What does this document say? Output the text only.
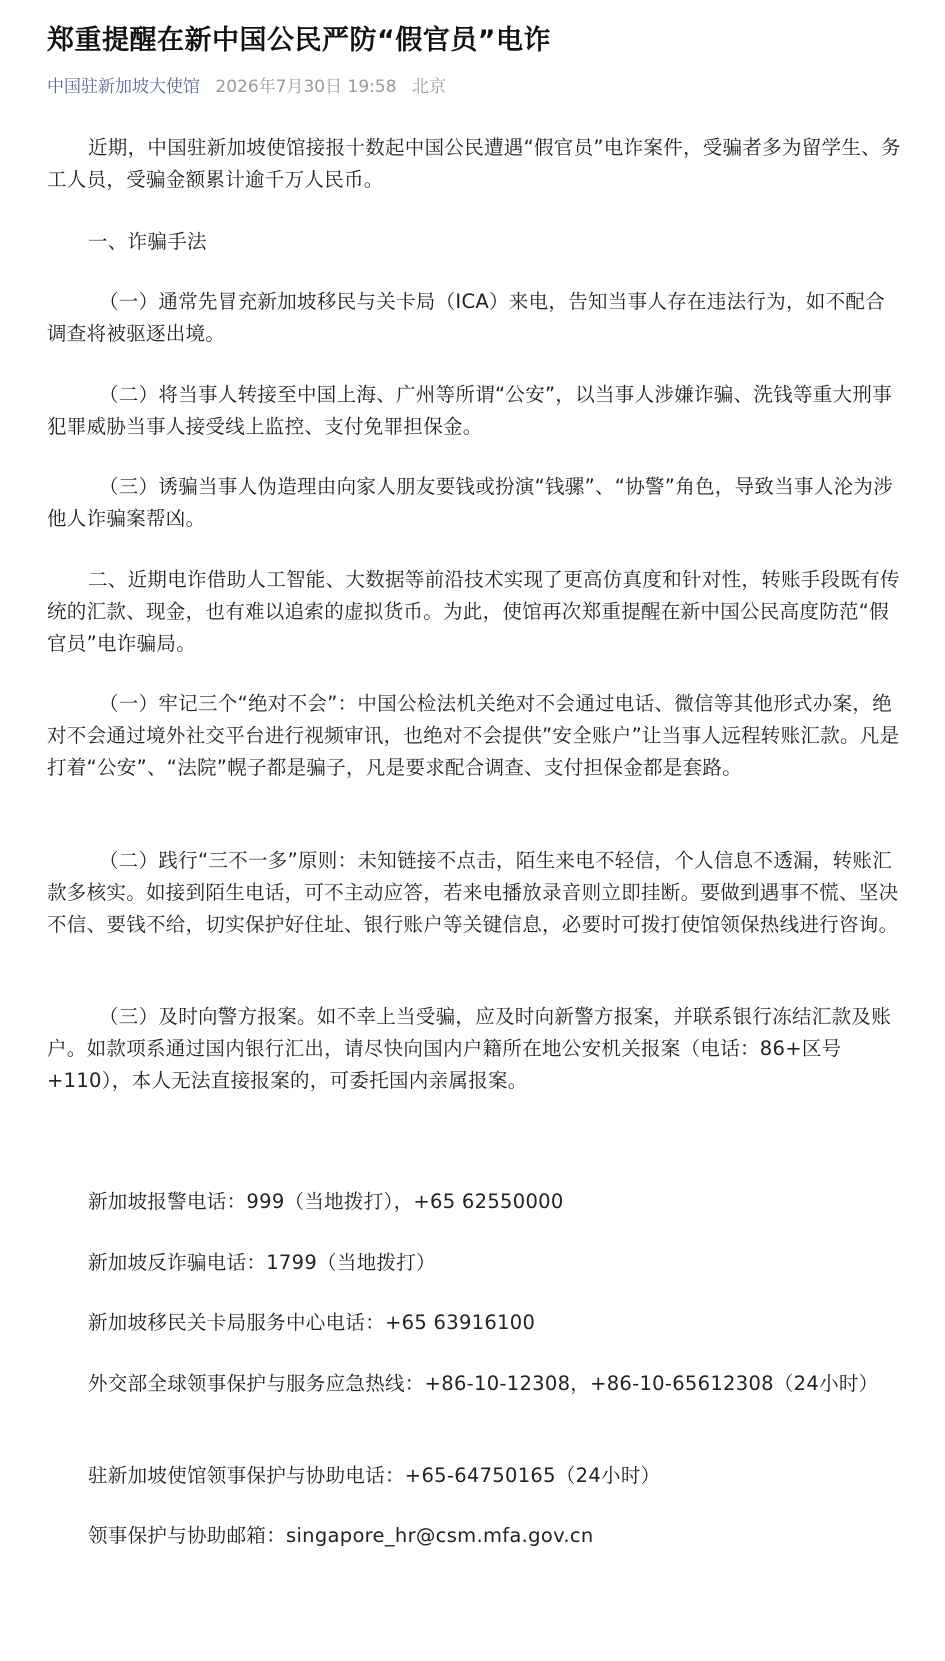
郑重提醒在新中国公民严防“假官员”电诈
中国驻新加坡大使馆 2026年7月30日 19:58 北京

近期，中国驻新加坡使馆接报十数起中国公民遭遇“假官员”电诈案件，受骗者多为留学生、务工人员，受骗金额累计逾千万人民币。

一、诈骗手法

（一）通常先冒充新加坡移民与关卡局（ICA）来电，告知当事人存在违法行为，如不配合调查将被驱逐出境。

（二）将当事人转接至中国上海、广州等所谓“公安”，以当事人涉嫌诈骗、洗钱等重大刑事犯罪威胁当事人接受线上监控、支付免罪担保金。

（三）诱骗当事人伪造理由向家人朋友要钱或扮演“钱骡”、“协警”角色，导致当事人沦为涉他人诈骗案帮凶。

二、近期电诈借助人工智能、大数据等前沿技术实现了更高仿真度和针对性，转账手段既有传统的汇款、现金，也有难以追索的虚拟货币。为此，使馆再次郑重提醒在新中国公民高度防范“假官员”电诈骗局。

（一）牢记三个“绝对不会”：中国公检法机关绝对不会通过电话、微信等其他形式办案，绝对不会通过境外社交平台进行视频审讯，也绝对不会提供”安全账户”让当事人远程转账汇款。凡是打着“公安”、“法院”幌子都是骗子，凡是要求配合调查、支付担保金都是套路。

（二）践行“三不一多”原则：未知链接不点击，陌生来电不轻信，个人信息不透漏，转账汇款多核实。如接到陌生电话，可不主动应答，若来电播放录音则立即挂断。要做到遇事不慌、坚决不信、要钱不给，切实保护好住址、银行账户等关键信息，必要时可拨打使馆领保热线进行咨询。

（三）及时向警方报案。如不幸上当受骗，应及时向新警方报案，并联系银行冻结汇款及账户。如款项系通过国内银行汇出，请尽快向国内户籍所在地公安机关报案（电话：86+区号+110），本人无法直接报案的，可委托国内亲属报案。

新加坡报警电话：999（当地拨打），+65 62550000

新加坡反诈骗电话：1799（当地拨打）

新加坡移民关卡局服务中心电话：+65 63916100

外交部全球领事保护与服务应急热线：+86-10-12308，+86-10-65612308（24小时）

驻新加坡使馆领事保护与协助电话：+65-64750165（24小时）

领事保护与协助邮箱：singapore_hr@csm.mfa.gov.cn
